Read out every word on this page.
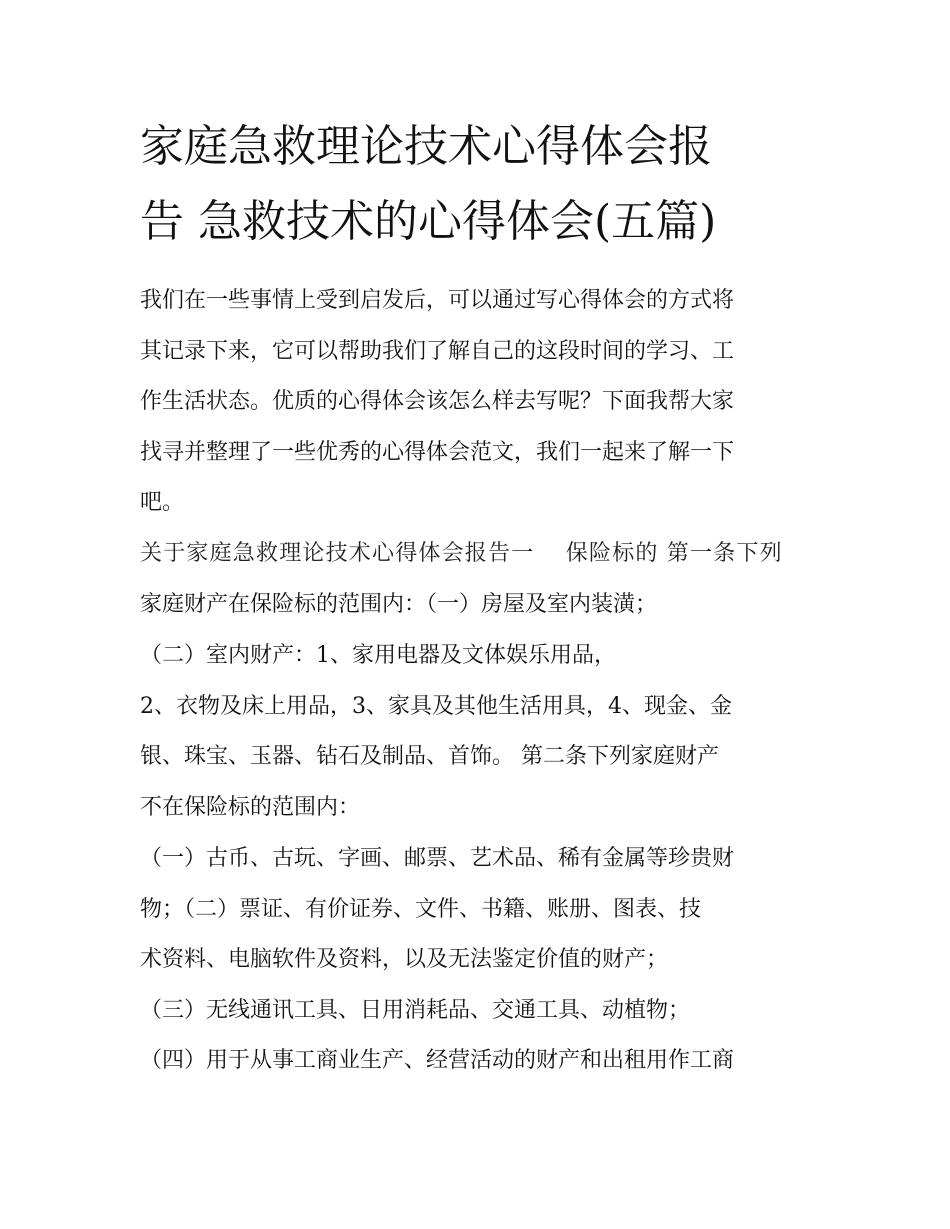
家庭急救理论技术心得体会报
告 急救技术的心得体会(五篇)

我们在一些事情上受到启发后，可以通过写心得体会的方式将

其记录下来，它可以帮助我们了解自己的这段时间的学习、工

作生活状态。优质的心得体会该怎么样去写呢？下面我帮大家

找寻并整理了一些优秀的心得体会范文，我们一起来了解一下

吧。

关于家庭急救理论技术心得体会报告一　 保险标的 第一条下列

家庭财产在保险标的范围内：（一）房屋及室内装潢；

（二）室内财产：1、家用电器及文体娱乐用品，

2、衣物及床上用品，3、家具及其他生活用具，4、现金、金

银、珠宝、玉器、钻石及制品、首饰。 第二条下列家庭财产

不在保险标的范围内：

（一）古币、古玩、字画、邮票、艺术品、稀有金属等珍贵财

物；（二）票证、有价证券、文件、书籍、账册、图表、技

术资料、电脑软件及资料，以及无法鉴定价值的财产；

（三）无线通讯工具、日用消耗品、交通工具、动植物；

（四）用于从事工商业生产、经营活动的财产和出租用作工商
